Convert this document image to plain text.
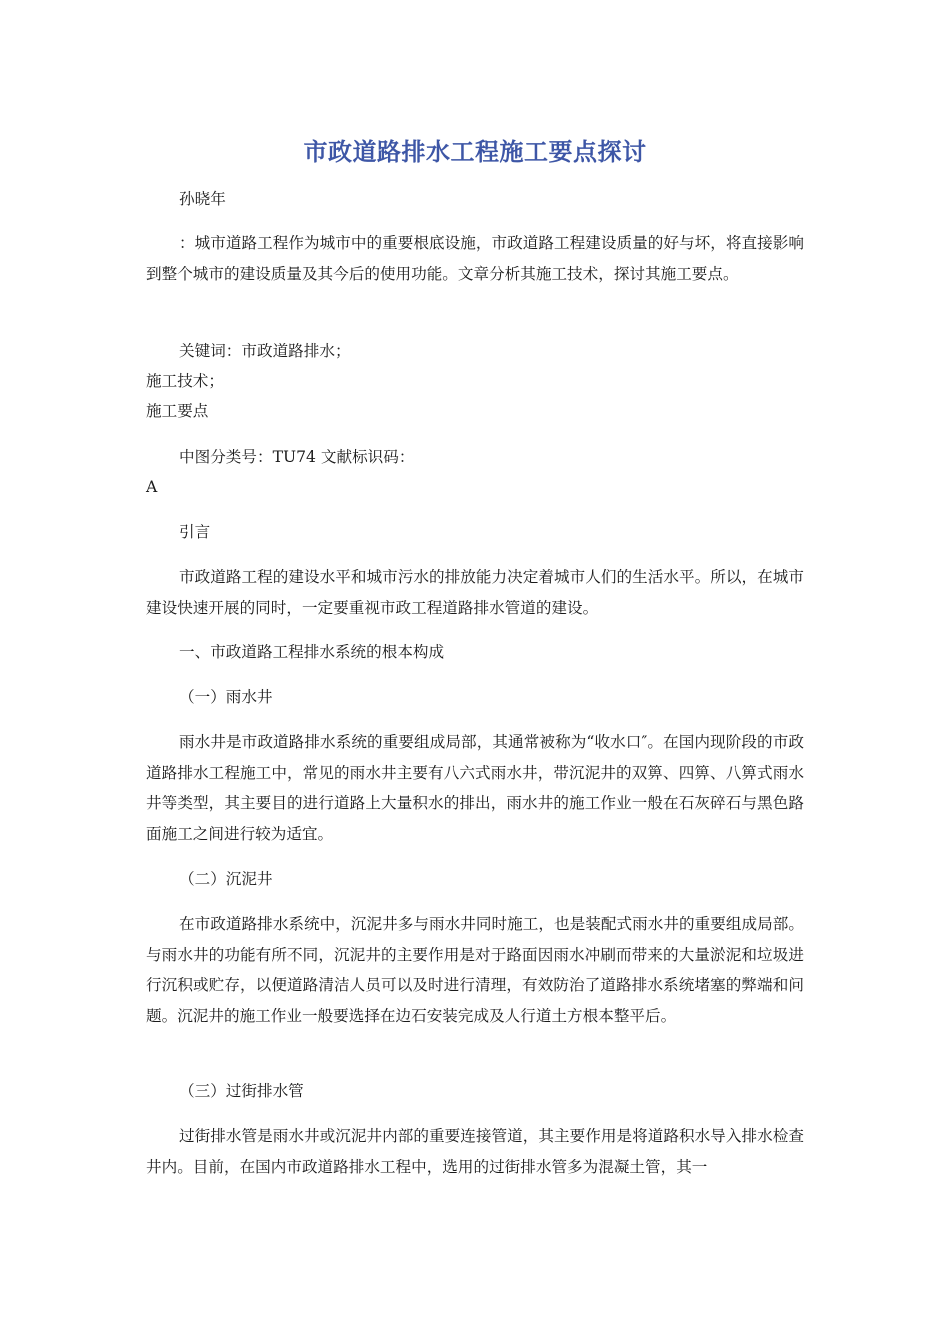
市政道路排水工程施工要点探讨

孙晓年

：城市道路工程作为城市中的重要根底设施，市政道路工程建设质量的好与坏，将直接影响到整个城市的建设质量及其今后的使用功能。文章分析其施工技术，探讨其施工要点。

关键词：市政道路排水；

施工技术；

施工要点

中图分类号：TU74 文献标识码：

A

引言

市政道路工程的建设水平和城市污水的排放能力决定着城市人们的生活水平。所以，在城市建设快速开展的同时，一定要重视市政工程道路排水管道的建设。

一、市政道路工程排水系统的根本构成

（一）雨水井

雨水井是市政道路排水系统的重要组成局部，其通常被称为“收水口″。在国内现阶段的市政道路排水工程施工中，常见的雨水井主要有八六式雨水井，带沉泥井的双箅、四箅、八箅式雨水井等类型，其主要目的进行道路上大量积水的排出，雨水井的施工作业一般在石灰碎石与黑色路面施工之间进行较为适宜。

（二）沉泥井

在市政道路排水系统中，沉泥井多与雨水井同时施工，也是装配式雨水井的重要组成局部。与雨水井的功能有所不同，沉泥井的主要作用是对于路面因雨水冲刷而带来的大量淤泥和垃圾进行沉积或贮存，以便道路清洁人员可以及时进行清理，有效防治了道路排水系统堵塞的弊端和问题。沉泥井的施工作业一般要选择在边石安装完成及人行道土方根本整平后。

（三）过街排水管

过街排水管是雨水井或沉泥井内部的重要连接管道，其主要作用是将道路积水导入排水检查井内。目前，在国内市政道路排水工程中，选用的过街排水管多为混凝土管，其一
